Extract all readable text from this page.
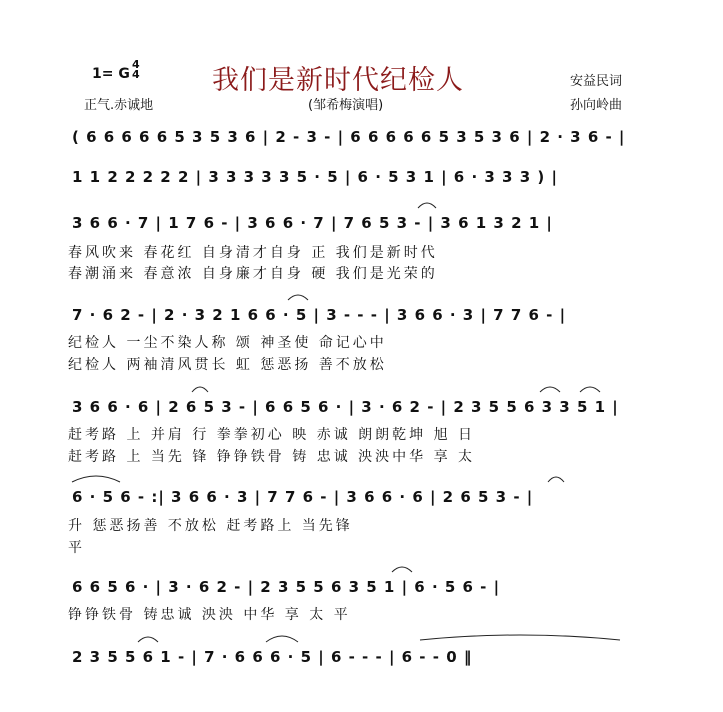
1= G
4
4	我们是新时代纪检人
正气.赤诚地	(邹希梅演唱)
安益民词
孙向岭曲
( 6 6 6 6 6 5 3 5 3 6 | 2 - 3 - | 6 6 6 6 6 5 3 5 3 6 | 2 · 3 6 - |
1 1 2 2 2 2 2 | 3 3 3 3 3 5 · 5 | 6 · 5 3 1 | 6 · 3 3 3 ) |
3 6 6 · 7 | 1 7 6 - | 3 6 6 · 7 | 7 6 5 3 - | 3 6 1 3 2 1 |
7 · 6 2 - | 2 · 3 2 1 6 6 · 5 | 3 - - - | 3 6 6 · 3 | 7 7 6 - |
3 6 6 · 6 | 2 6 5 3 - | 6 6 5 6 · | 3 · 6 2 - | 2 3 5 5 6 3 3 5 1 |
6 · 5 6 - :| 3 6 6 · 3 | 7 7 6 - | 3 6 6 · 6 | 2 6 5 3 - |
6 6 5 6 · | 3 · 6 2 - | 2 3 5 5 6 3 5 1 | 6 · 5 6 - |
2 3 5 5 6 1 - | 7 · 6 6 6 · 5 | 6 - - - | 6 - - 0 ‖
春风吹来 春花红 自身清才自身 正 我们是新时代
春潮涌来 春意浓 自身廉才自身 硬 我们是光荣的
纪检人 一尘不染人称 颂 神圣使 命记心中
纪检人 两袖清风贯长 虹 惩恶扬 善不放松
赶考路 上 并肩 行 拳拳初心 映 赤诚 朗朗乾坤 旭 日
赶考路 上 当先 锋 铮铮铁骨 铸 忠诚 泱泱中华 享 太
升 惩恶扬善 不放松 赶考路上 当先锋
平
铮铮铁骨 铸忠诚 泱泱 中华 享 太 平
